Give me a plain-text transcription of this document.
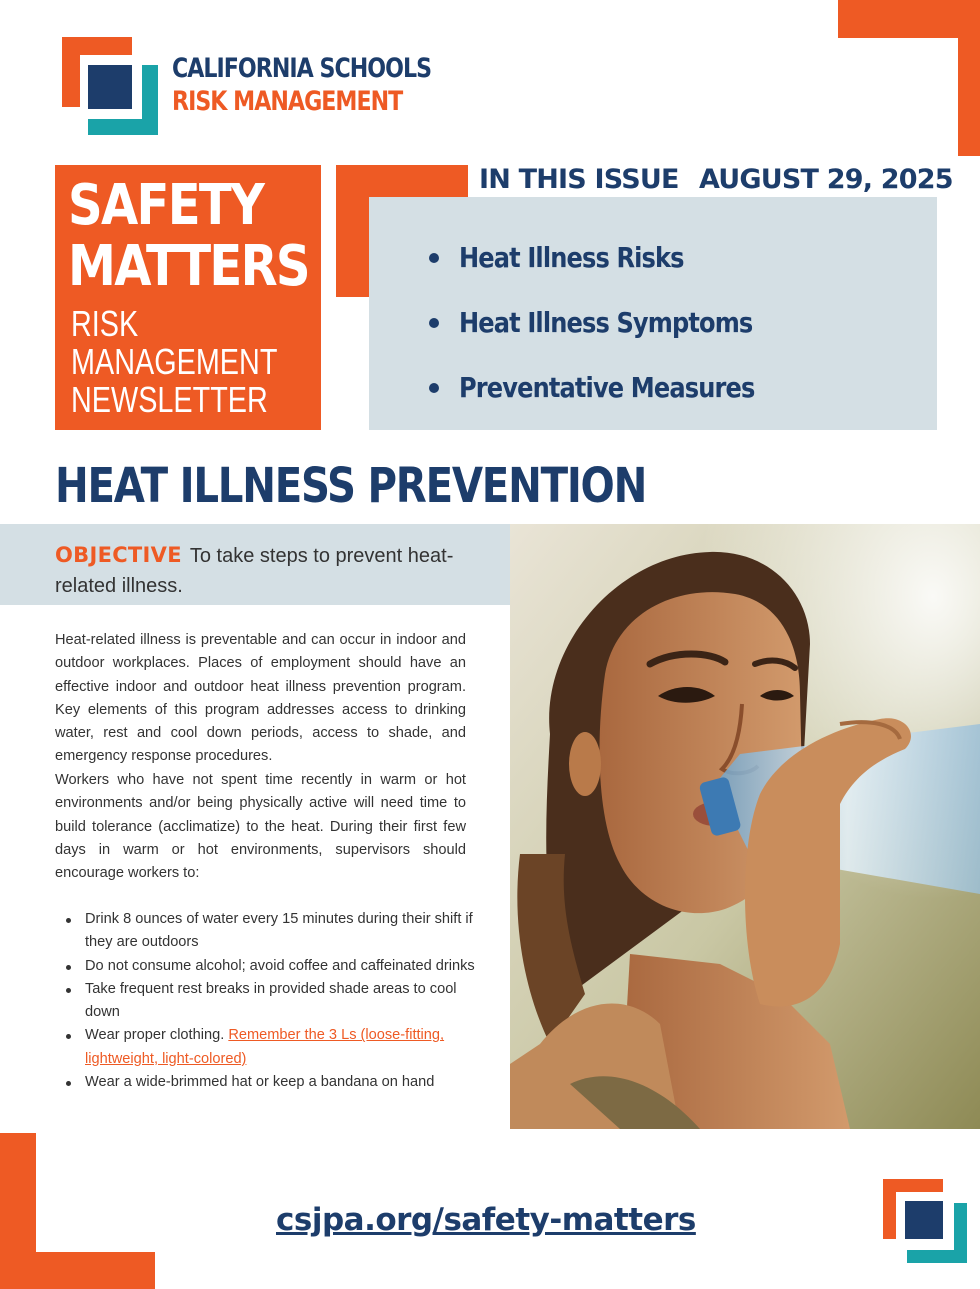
CALIFORNIA SCHOOLS
RISK MANAGEMENT
SAFETY
MATTERS
RISK
MANAGEMENT
NEWSLETTER
IN THIS ISSUE AUGUST 29, 2025
Heat Illness Risks
Heat Illness Symptoms
Preventative Measures
HEAT ILLNESS PREVENTION
OBJECTIVE To take steps to prevent heat-related illness.

Heat-related illness is preventable and can occur in indoor and outdoor workplaces. Places of employment should have an effective indoor and outdoor heat illness prevention program. Key elements of this program addresses access to drinking water, rest and cool down periods, access to shade, and emergency response procedures.

Workers who have not spent time recently in warm or hot environments and/or being physically active will need time to build tolerance (acclimatize) to the heat. During their first few days in warm or hot environments, supervisors should encourage workers to:

Drink 8 ounces of water every 15 minutes during their shift if they are outdoors
Do not consume alcohol; avoid coffee and caffeinated drinks
Take frequent rest breaks in provided shade areas to cool down
Wear proper clothing. Remember the 3 Ls (loose-fitting, lightweight, light-colored)
Wear a wide-brimmed hat or keep a bandana on hand
csjpa.org/safety-matters
